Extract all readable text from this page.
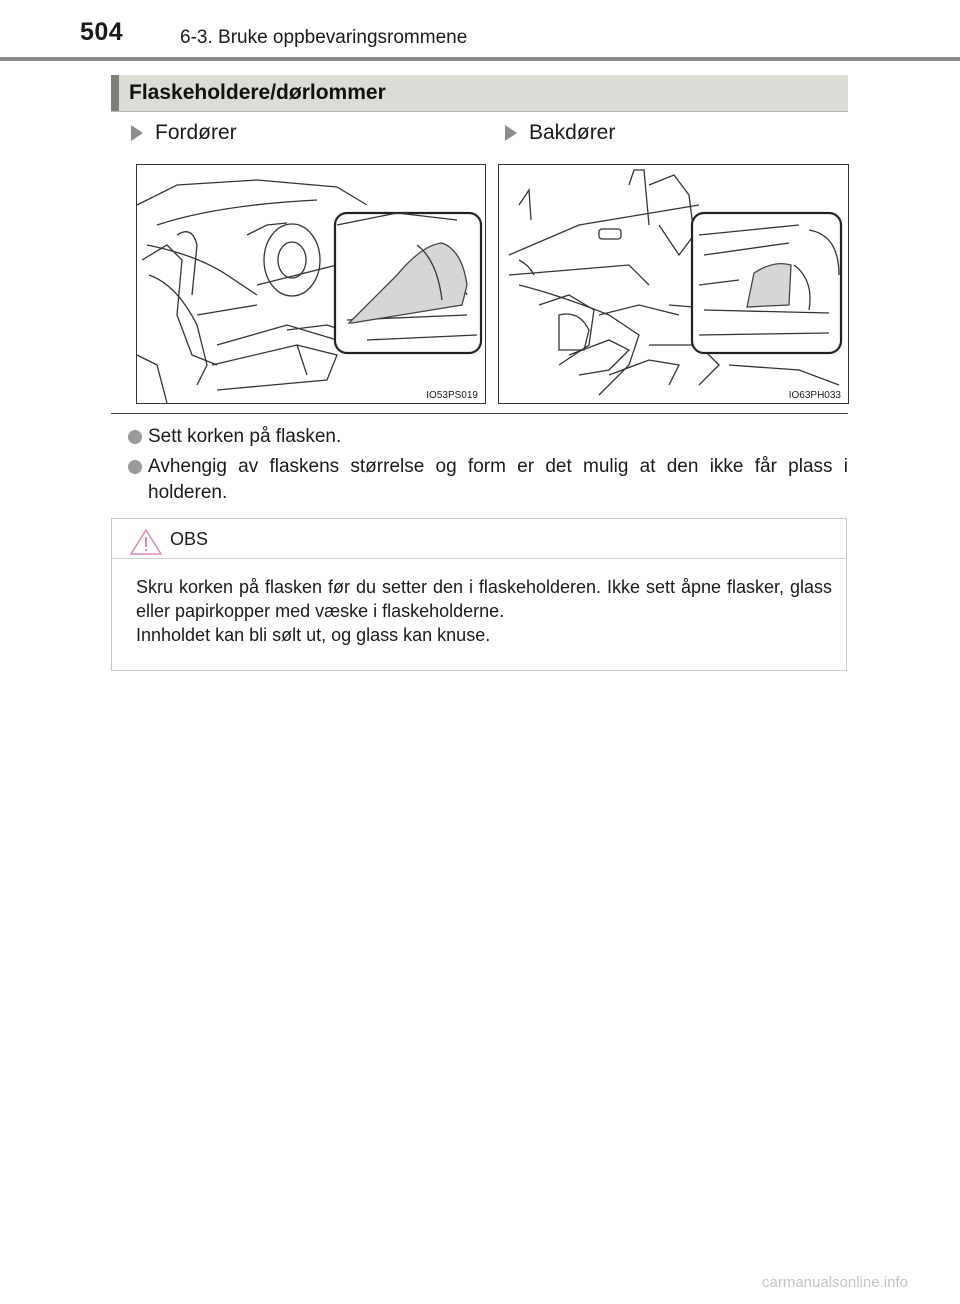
504	6-3. Bruke oppbevaringsrommene
Flaskeholdere/dørlommer
Fordører	Bakdører
IO53PS019	IO63PH033
Sett korken på flasken.
Avhengig av flaskens størrelse og form er det mulig at den ikke får plass i holderen.
OBS

Skru korken på flasken før du setter den i flaskeholderen. Ikke sett åpne flasker, glass eller papirkopper med væske i flaskeholderne.

Innholdet kan bli sølt ut, og glass kan knuse.

carmanualsonline.info
